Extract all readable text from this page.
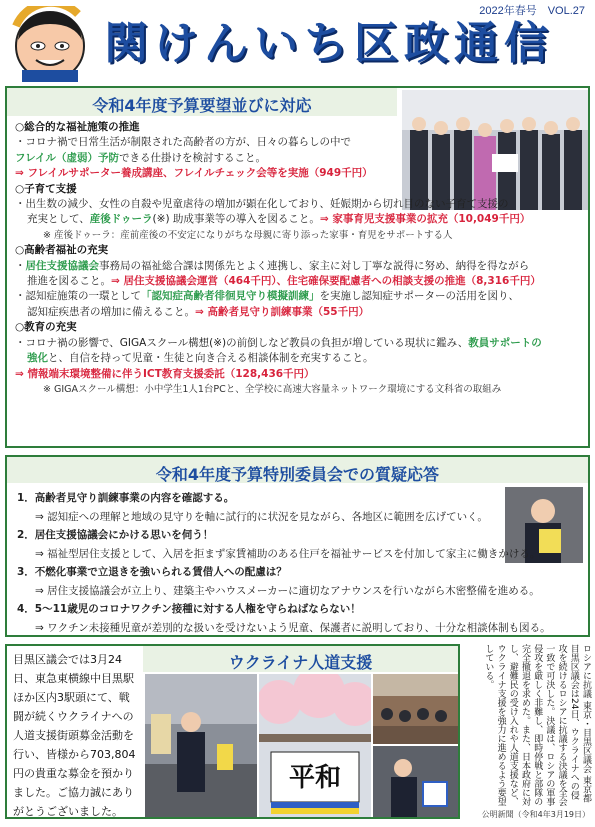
2022年春号　VOL.27
関けんいち区政通信
令和4年度予算要望並びに対応

○総合的な福祉施策の推進

・コロナ禍で日常生活が制限された高齢者の方が、日々の暮らしの中で

フレイル（虚弱）予防できる仕掛けを検討すること。

⇒ フレイルサポーター養成講座、フレイルチェック会等を実施（949千円）

○子育て支援

・出生数の減少、女性の自殺や児童虐待の増加が顕在化しており、妊娠期から切れ目のない子育て支援の

充実として、産後ドゥーラ(※) 助成事業等の導入を図ること。⇒ 家事育児支援事業の拡充（10,049千円）

※ 産後ドゥーラ：産前産後の不安定になりがちな母親に寄り添った家事・育児をサポートする人

○高齢者福祉の充実

・居住支援協議会事務局の福祉総合課は関係先とよく連携し、家主に対し丁寧な説得に努め、納得を得ながら

推進を図ること。⇒ 居住支援協議会運営（464千円）、住宅確保要配慮者への相談支援の推進（8,316千円）

・認知症施策の一環として「認知症高齢者徘徊見守り模擬訓練」を実施し認知症サポーターの活用を図り、

認知症疾患者の増加に備えること。⇒ 高齢者見守り訓練事業（55千円）

○教育の充実

・コロナ禍の影響で、GIGAスクール構想(※)の前倒しなど教員の負担が増している現状に鑑み、教員サポートの

強化と、自信を持って児童・生徒と向き合える相談体制を充実すること。

⇒ 情報端末環境整備に伴うICT教育支援委託（128,436千円）

※ GIGAスクール構想：小中学生1人1台PCと、全学校に高速大容量ネットワーク環境にする文科省の取組み

令和4年度予算特別委員会での質疑応答

1．高齢者見守り訓練事業の内容を確認する。

⇒ 認知症への理解と地域の見守りを軸に試行的に状況を見ながら、各地区に範囲を広げていく。

2．居住支援協議会にかける思いを伺う！

⇒ 福祉型居住支援として、入居を拒まず家賃補助のある住戸を福祉サービスを付加して家主に働きかける。

3．不燃化事業で立退きを強いられる賃借人への配慮は？

⇒ 居住支援協議会が立上り、建築主やハウスメーカーに適切なアナウンスを行いながら木密整備を進める。

4．5〜11歳児のコロナワクチン接種に対する人権を守らねばならない！

⇒ ワクチン未接種児童が差別的な扱いを受けないよう児童、保護者に説明しており、十分な相談体制も図る。

目黒区議会では3月24日、東急東横線中目黒駅ほか区内3駅頭にて、戦闘が続くウクライナへの人道支援街頭募金活動を行い、皆様から703,804円の貴重な募金を預かりました。ご協力誠にありがとうございました。
ウクライナ人道支援
平和	ロシアに抗議 東京・目黒区議会 東京都目黒区議会は24日、ウクライナへの侵攻を続けるロシアに抗議する決議を全会一致で可決した。決議は、ロシアの軍事侵攻を厳しく非難し、即時停戦と部隊の完全撤退を求めた。また、日本政府に対し、避難民の受け入れや人道支援など、ウクライナ支援を強力に進めるよう要望している。
公明新聞（令和4年3月19日）
